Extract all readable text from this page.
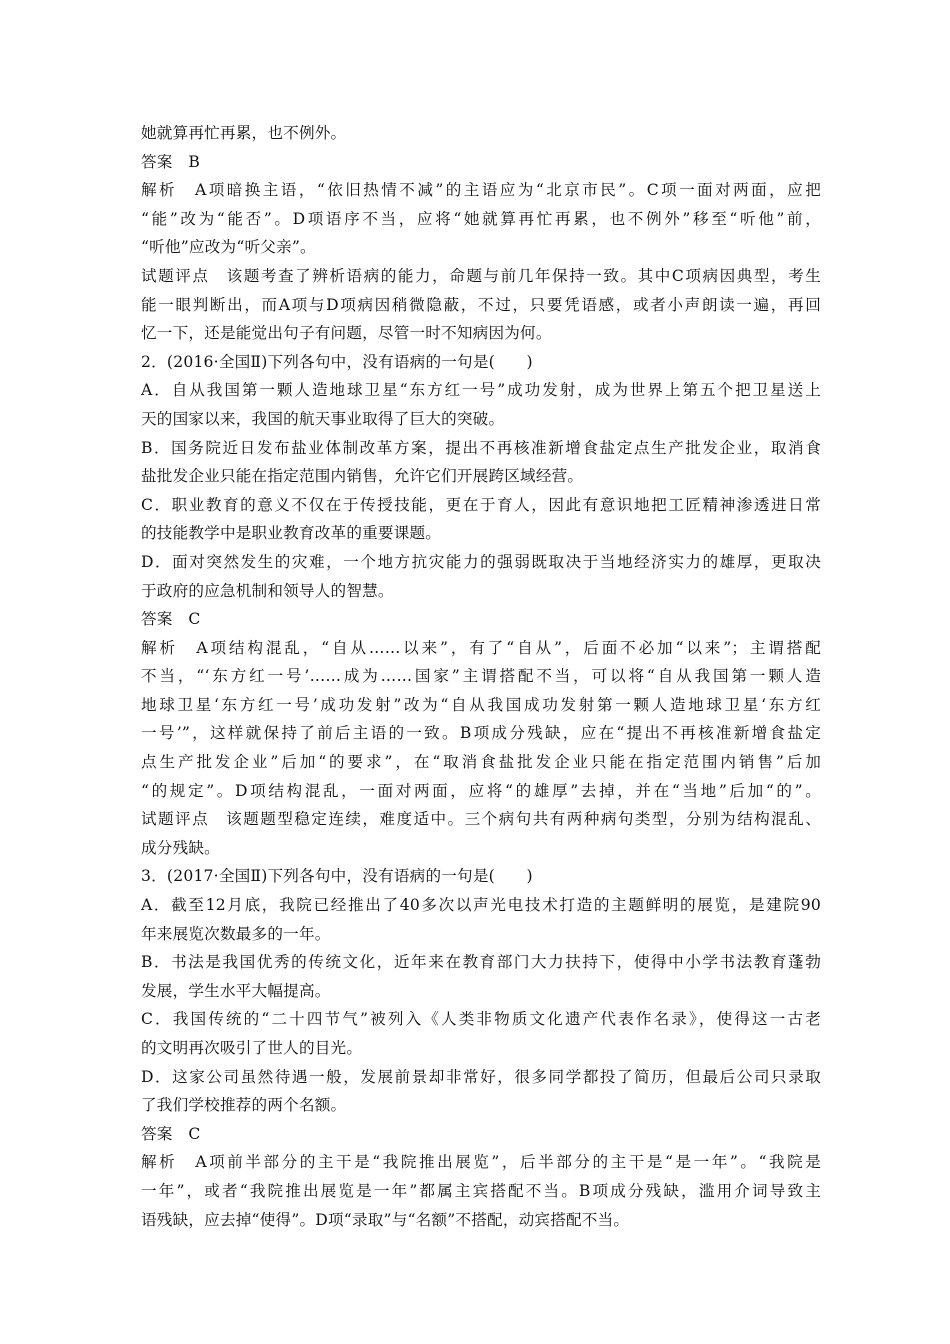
她就算再忙再累，也不例外。
答案　B
解析　A项暗换主语，“依旧热情不减”的主语应为“北京市民”。C项一面对两面，应把
“能”改为“能否”。D项语序不当，应将“她就算再忙再累，也不例外”移至“听他”前，
“听他”应改为“听父亲”。
试题评点　该题考查了辨析语病的能力，命题与前几年保持一致。其中C项病因典型，考生
能一眼判断出，而A项与D项病因稍微隐蔽，不过，只要凭语感，或者小声朗读一遍，再回
忆一下，还是能觉出句子有问题，尽管一时不知病因为何。
2．(2016·全国Ⅱ)下列各句中，没有语病的一句是(　　)
A．自从我国第一颗人造地球卫星“东方红一号”成功发射，成为世界上第五个把卫星送上
天的国家以来，我国的航天事业取得了巨大的突破。
B．国务院近日发布盐业体制改革方案，提出不再核准新增食盐定点生产批发企业，取消食
盐批发企业只能在指定范围内销售，允许它们开展跨区域经营。
C．职业教育的意义不仅在于传授技能，更在于育人，因此有意识地把工匠精神渗透进日常
的技能教学中是职业教育改革的重要课题。
D．面对突然发生的灾难，一个地方抗灾能力的强弱既取决于当地经济实力的雄厚，更取决
于政府的应急机制和领导人的智慧。
答案　C
解析　A项结构混乱，“自从……以来”，有了“自从”，后面不必加“以来”；主谓搭配
不当，“‘东方红一号’……成为……国家”主谓搭配不当，可以将“自从我国第一颗人造
地球卫星‘东方红一号’成功发射”改为“自从我国成功发射第一颗人造地球卫星‘东方红
一号’”，这样就保持了前后主语的一致。B项成分残缺，应在“提出不再核准新增食盐定
点生产批发企业”后加“的要求”，在“取消食盐批发企业只能在指定范围内销售”后加
“的规定”。D项结构混乱，一面对两面，应将“的雄厚”去掉，并在“当地”后加“的”。
试题评点　该题题型稳定连续，难度适中。三个病句共有两种病句类型，分别为结构混乱、
成分残缺。
3．(2017·全国Ⅱ)下列各句中，没有语病的一句是(　　)
A．截至12月底，我院已经推出了40多次以声光电技术打造的主题鲜明的展览，是建院90
年来展览次数最多的一年。
B．书法是我国优秀的传统文化，近年来在教育部门大力扶持下，使得中小学书法教育蓬勃
发展，学生水平大幅提高。
C．我国传统的“二十四节气”被列入《人类非物质文化遗产代表作名录》，使得这一古老
的文明再次吸引了世人的目光。
D．这家公司虽然待遇一般，发展前景却非常好，很多同学都投了简历，但最后公司只录取
了我们学校推荐的两个名额。
答案　C
解析　A项前半部分的主干是“我院推出展览”，后半部分的主干是“是一年”。“我院是
一年”，或者“我院推出展览是一年”都属主宾搭配不当。B项成分残缺，滥用介词导致主
语残缺，应去掉“使得”。D项“录取”与“名额”不搭配，动宾搭配不当。
